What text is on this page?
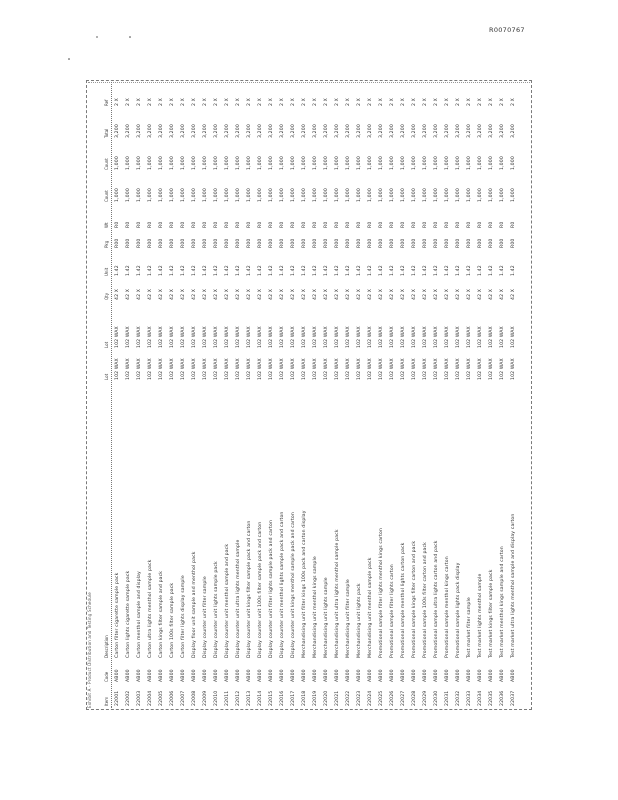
R0070767
Exhibit A - Product Distribution and Testing Schedule	Item
Code
Description
Lot
Lot
Qty
Unit
Pkg
Wt
Count
Count
Total
Ref
22001
AB00
Carton filter cigarette sample pack
102 WAX
102 WAX
42 X
1.42
R00
R0
1,000
1,000
3,200
2 X
22002
AB00
Carton lights cigarette sample pack
102 WAX
102 WAX
42 X
1.42
R00
R0
1,000
1,000
3,200
2 X
22003
AB00
Carton menthol sample and display
102 WAX
102 WAX
42 X
1.42
R00
R0
1,000
1,000
3,200
2 X
22004
AB00
Carton ultra lights menthol sample pack
102 WAX
102 WAX
42 X
1.42
R00
R0
1,000
1,000
3,200
2 X
22005
AB00
Carton kings filter sample and pack
102 WAX
102 WAX
42 X
1.42
R00
R0
1,000
1,000
3,200
2 X
22006
AB00
Carton 100s filter sample pack
102 WAX
102 WAX
42 X
1.42
R00
R0
1,000
1,000
3,200
2 X
22007
AB00
Carton filter lights display sample
102 WAX
102 WAX
42 X
1.42
R00
R0
1,000
1,000
3,200
2 X
22008
AB00
Display floor unit sample and menthol pack
102 WAX
102 WAX
42 X
1.42
R00
R0
1,000
1,000
3,200
2 X
22009
AB00
Display counter unit filter sample
102 WAX
102 WAX
42 X
1.42
R00
R0
1,000
1,000
3,200
2 X
22010
AB00
Display counter unit lights sample pack
102 WAX
102 WAX
42 X
1.42
R00
R0
1,000
1,000
3,200
2 X
22011
AB00
Display counter unit menthol sample and pack
102 WAX
102 WAX
42 X
1.42
R00
R0
1,000
1,000
3,200
2 X
22012
AB00
Display counter unit ultra lights menthol sample
102 WAX
102 WAX
42 X
1.42
R00
R0
1,000
1,000
3,200
2 X
22013
AB00
Display counter unit kings filter sample pack and carton
102 WAX
102 WAX
42 X
1.42
R00
R0
1,000
1,000
3,200
2 X
22014
AB00
Display counter unit 100s filter sample pack and carton
102 WAX
102 WAX
42 X
1.42
R00
R0
1,000
1,000
3,200
2 X
22015
AB00
Display counter unit filter lights sample pack and carton
102 WAX
102 WAX
42 X
1.42
R00
R0
1,000
1,000
3,200
2 X
22016
AB00
Display counter unit menthol lights sample pack and carton
102 WAX
102 WAX
42 X
1.42
R00
R0
1,000
1,000
3,200
2 X
22017
AB00
Display counter unit kings menthol sample pack and carton
102 WAX
102 WAX
42 X
1.42
R00
R0
1,000
1,000
3,200
2 X
22018
AB00
Merchandising unit filter kings 100s pack and carton display
102 WAX
102 WAX
42 X
1.42
R00
R0
1,000
1,000
3,200
2 X
22019
AB00
Merchandising unit menthol kings sample
102 WAX
102 WAX
42 X
1.42
R00
R0
1,000
1,000
3,200
2 X
22020
AB00
Merchandising unit lights sample
102 WAX
102 WAX
42 X
1.42
R00
R0
1,000
1,000
3,200
2 X
22021
AB00
Merchandising unit ultra lights menthol sample pack
102 WAX
102 WAX
42 X
1.42
R00
R0
1,000
1,000
3,200
2 X
22022
AB00
Merchandising unit filter sample
102 WAX
102 WAX
42 X
1.42
R00
R0
1,000
1,000
3,200
2 X
22023
AB00
Merchandising unit lights pack
102 WAX
102 WAX
42 X
1.42
R00
R0
1,000
1,000
3,200
2 X
22024
AB00
Merchandising unit menthol sample pack
102 WAX
102 WAX
42 X
1.42
R00
R0
1,000
1,000
3,200
2 X
22025
AB00
Promotional sample filter lights menthol kings carton
102 WAX
102 WAX
42 X
1.42
R00
R0
1,000
1,000
3,200
2 X
22026
AB00
Promotional sample filter lights carton
102 WAX
102 WAX
42 X
1.42
R00
R0
1,000
1,000
3,200
2 X
22027
AB00
Promotional sample menthol lights carton pack
102 WAX
102 WAX
42 X
1.42
R00
R0
1,000
1,000
3,200
2 X
22028
AB00
Promotional sample kings filter carton and pack
102 WAX
102 WAX
42 X
1.42
R00
R0
1,000
1,000
3,200
2 X
22029
AB00
Promotional sample 100s filter carton and pack
102 WAX
102 WAX
42 X
1.42
R00
R0
1,000
1,000
3,200
2 X
22030
AB00
Promotional sample ultra lights carton and pack
102 WAX
102 WAX
42 X
1.42
R00
R0
1,000
1,000
3,200
2 X
22031
AB00
Promotional sample menthol kings carton
102 WAX
102 WAX
42 X
1.42
R00
R0
1,000
1,000
3,200
2 X
22032
AB00
Promotional sample lights pack display
102 WAX
102 WAX
42 X
1.42
R00
R0
1,000
1,000
3,200
2 X
22033
AB00
Test market filter sample
102 WAX
102 WAX
42 X
1.42
R00
R0
1,000
1,000
3,200
2 X
22034
AB00
Test market lights menthol sample
102 WAX
102 WAX
42 X
1.42
R00
R0
1,000
1,000
3,200
2 X
22035
AB00
Test market kings filter sample pack
102 WAX
102 WAX
42 X
1.42
R00
R0
1,000
1,000
3,200
2 X
22036
AB00
Test market menthol kings sample and carton
102 WAX
102 WAX
42 X
1.42
R00
R0
1,000
1,000
3,200
2 X
22037
AB00
Test market ultra lights menthol sample and display carton
102 WAX
102 WAX
42 X
1.42
R00
R0
1,000
1,000
3,200
2 X
